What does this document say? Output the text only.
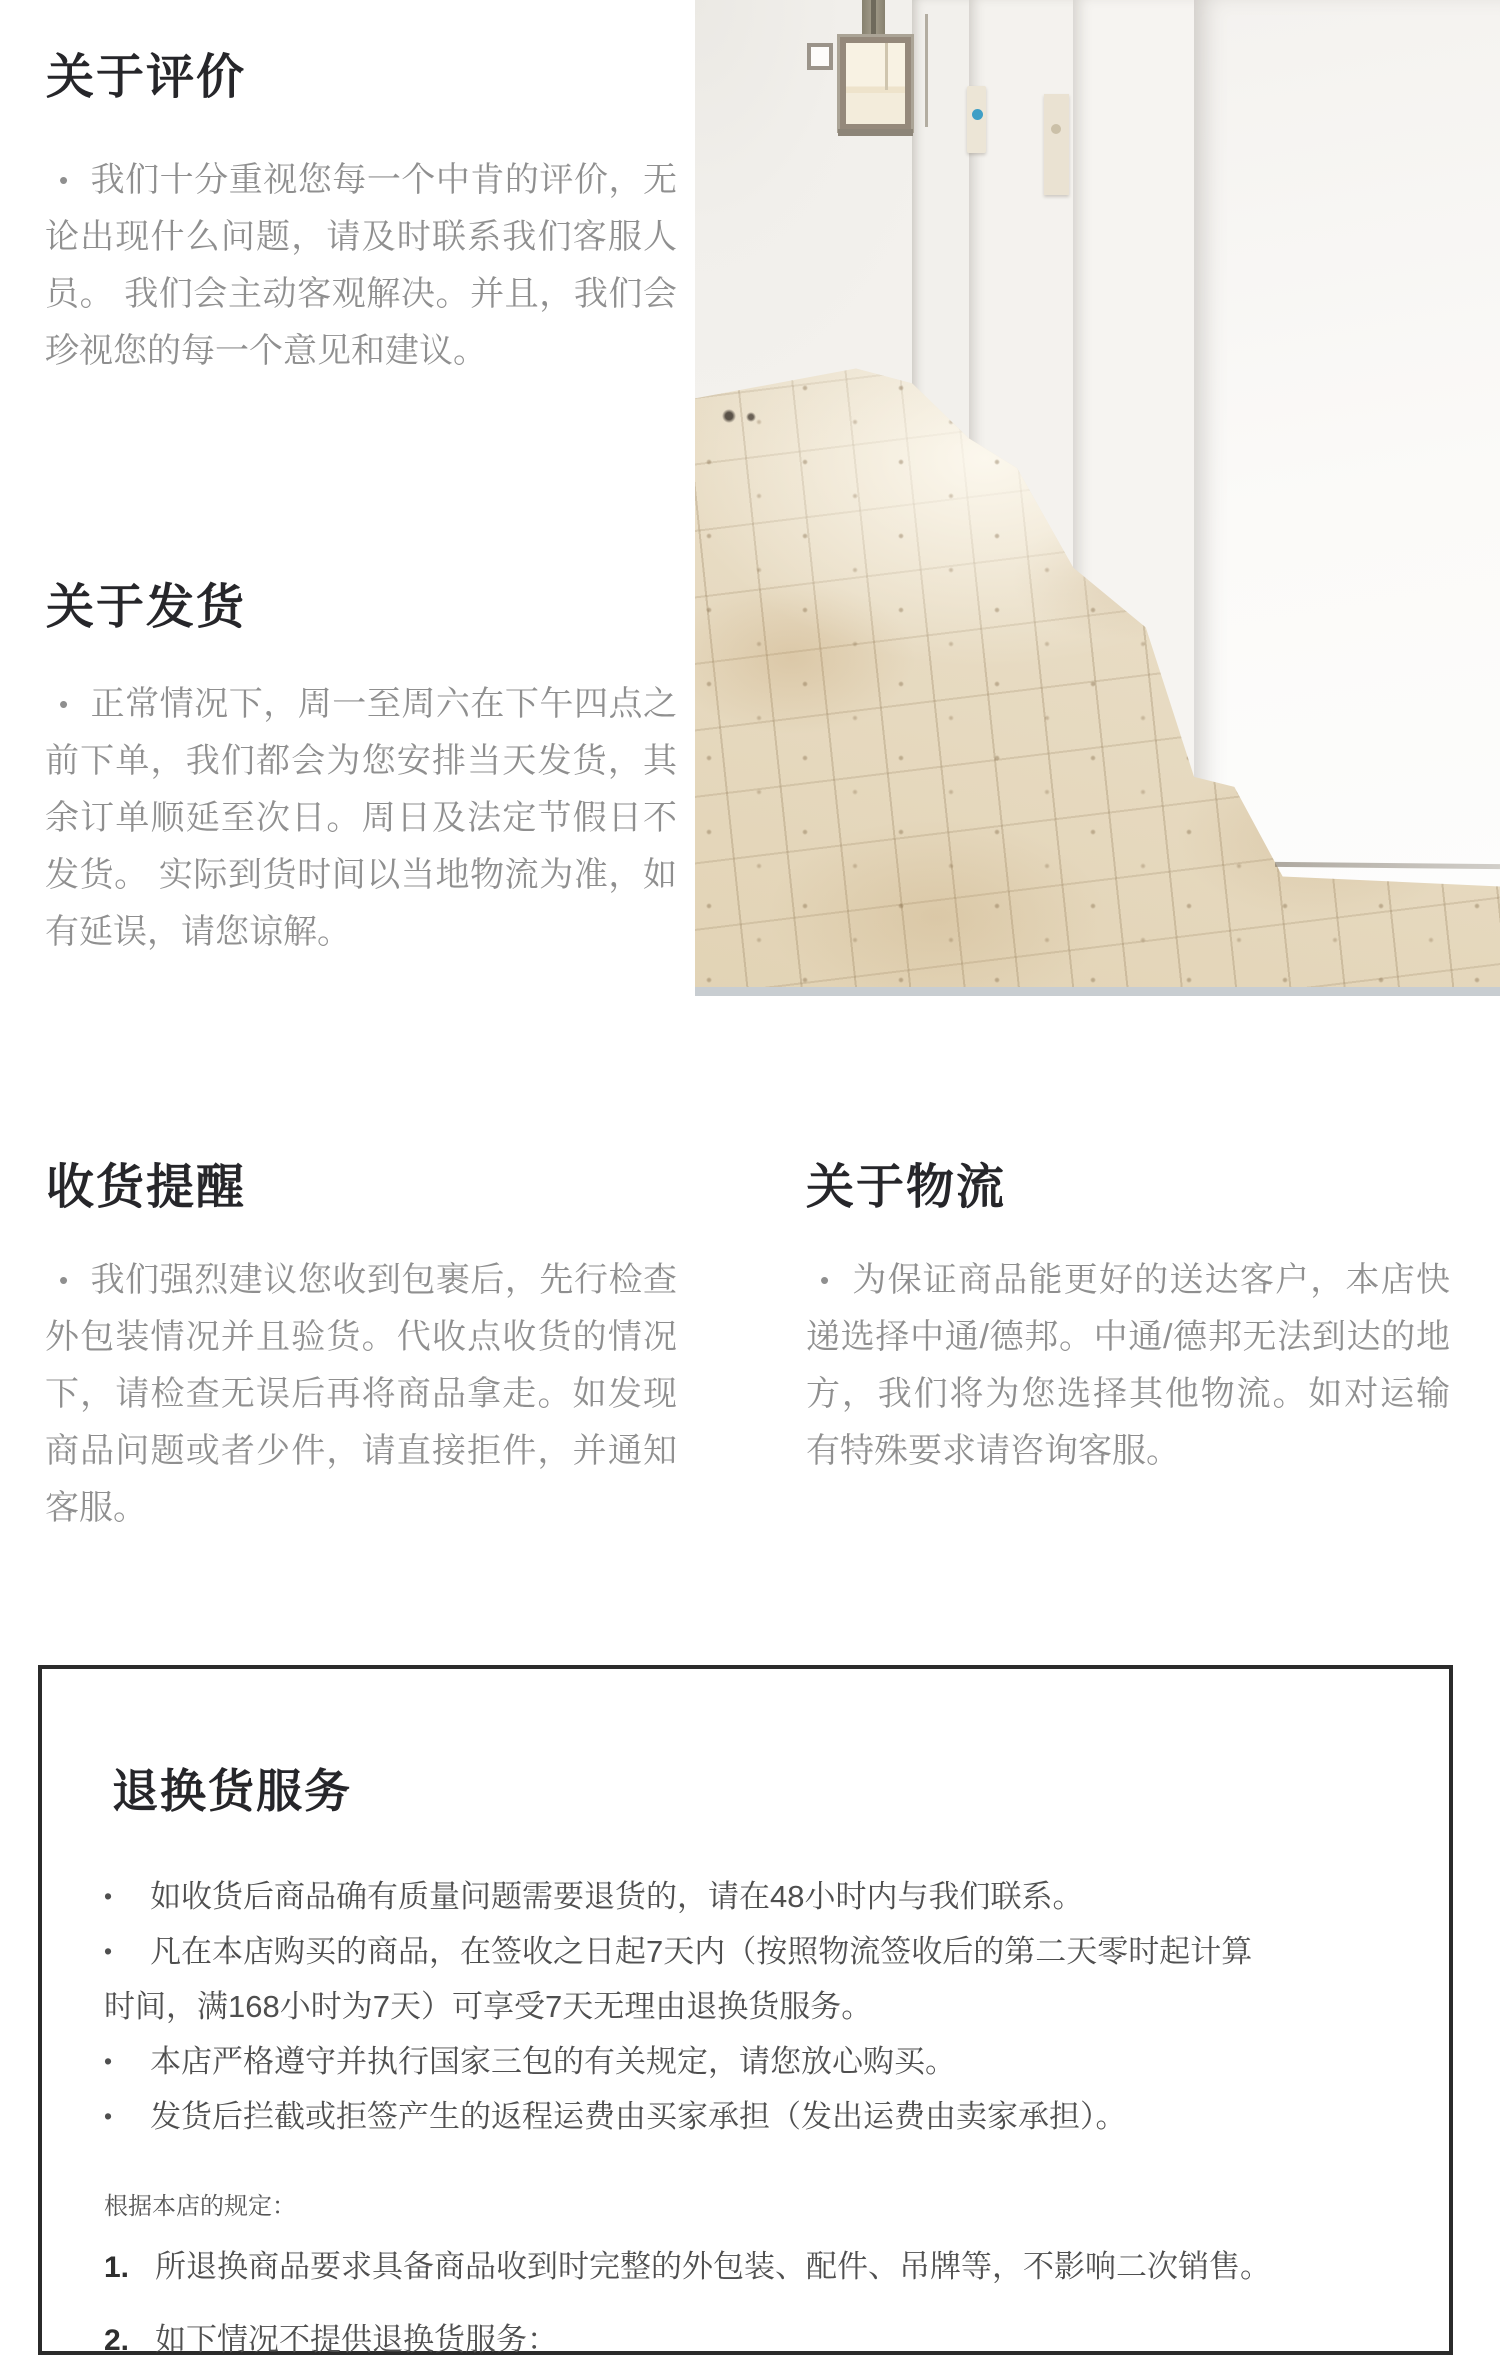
关于评价

• 我们十分重视您每一个中肯的评价，无论出现什么问题，请及时联系我们客服人员。 我们会主动客观解决。并且，我们会珍视您的每一个意见和建议。

关于发货

• 正常情况下，周一至周六在下午四点之前下单，我们都会为您安排当天发货，其余订单顺延至次日。周日及法定节假日不发货。 实际到货时间以当地物流为准，如有延误，请您谅解。

收货提醒

• 我们强烈建议您收到包裹后，先行检查外包装情况并且验货。代收点收货的情况下，请检查无误后再将商品拿走。如发现商品问题或者少件，请直接拒件，并通知客服。

关于物流

• 为保证商品能更好的送达客户，本店快递选择中通/德邦。中通/德邦无法到达的地方，我们将为您选择其他物流。如对运输有特殊要求请咨询客服。

退换货服务

• 如收货后商品确有质量问题需要退货的，请在48小时内与我们联系。

• 凡在本店购买的商品，在签收之日起7天内（按照物流签收后的第二天零时起计算时间，满168小时为7天）可享受7天无理由退换货服务。

• 本店严格遵守并执行国家三包的有关规定，请您放心购买。

• 发货后拦截或拒签产生的返程运费由买家承担（发出运费由卖家承担）。

根据本店的规定：

1. 所退换商品要求具备商品收到时完整的外包装、配件、吊牌等，不影响二次销售。

2. 如下情况不提供退换货服务：
